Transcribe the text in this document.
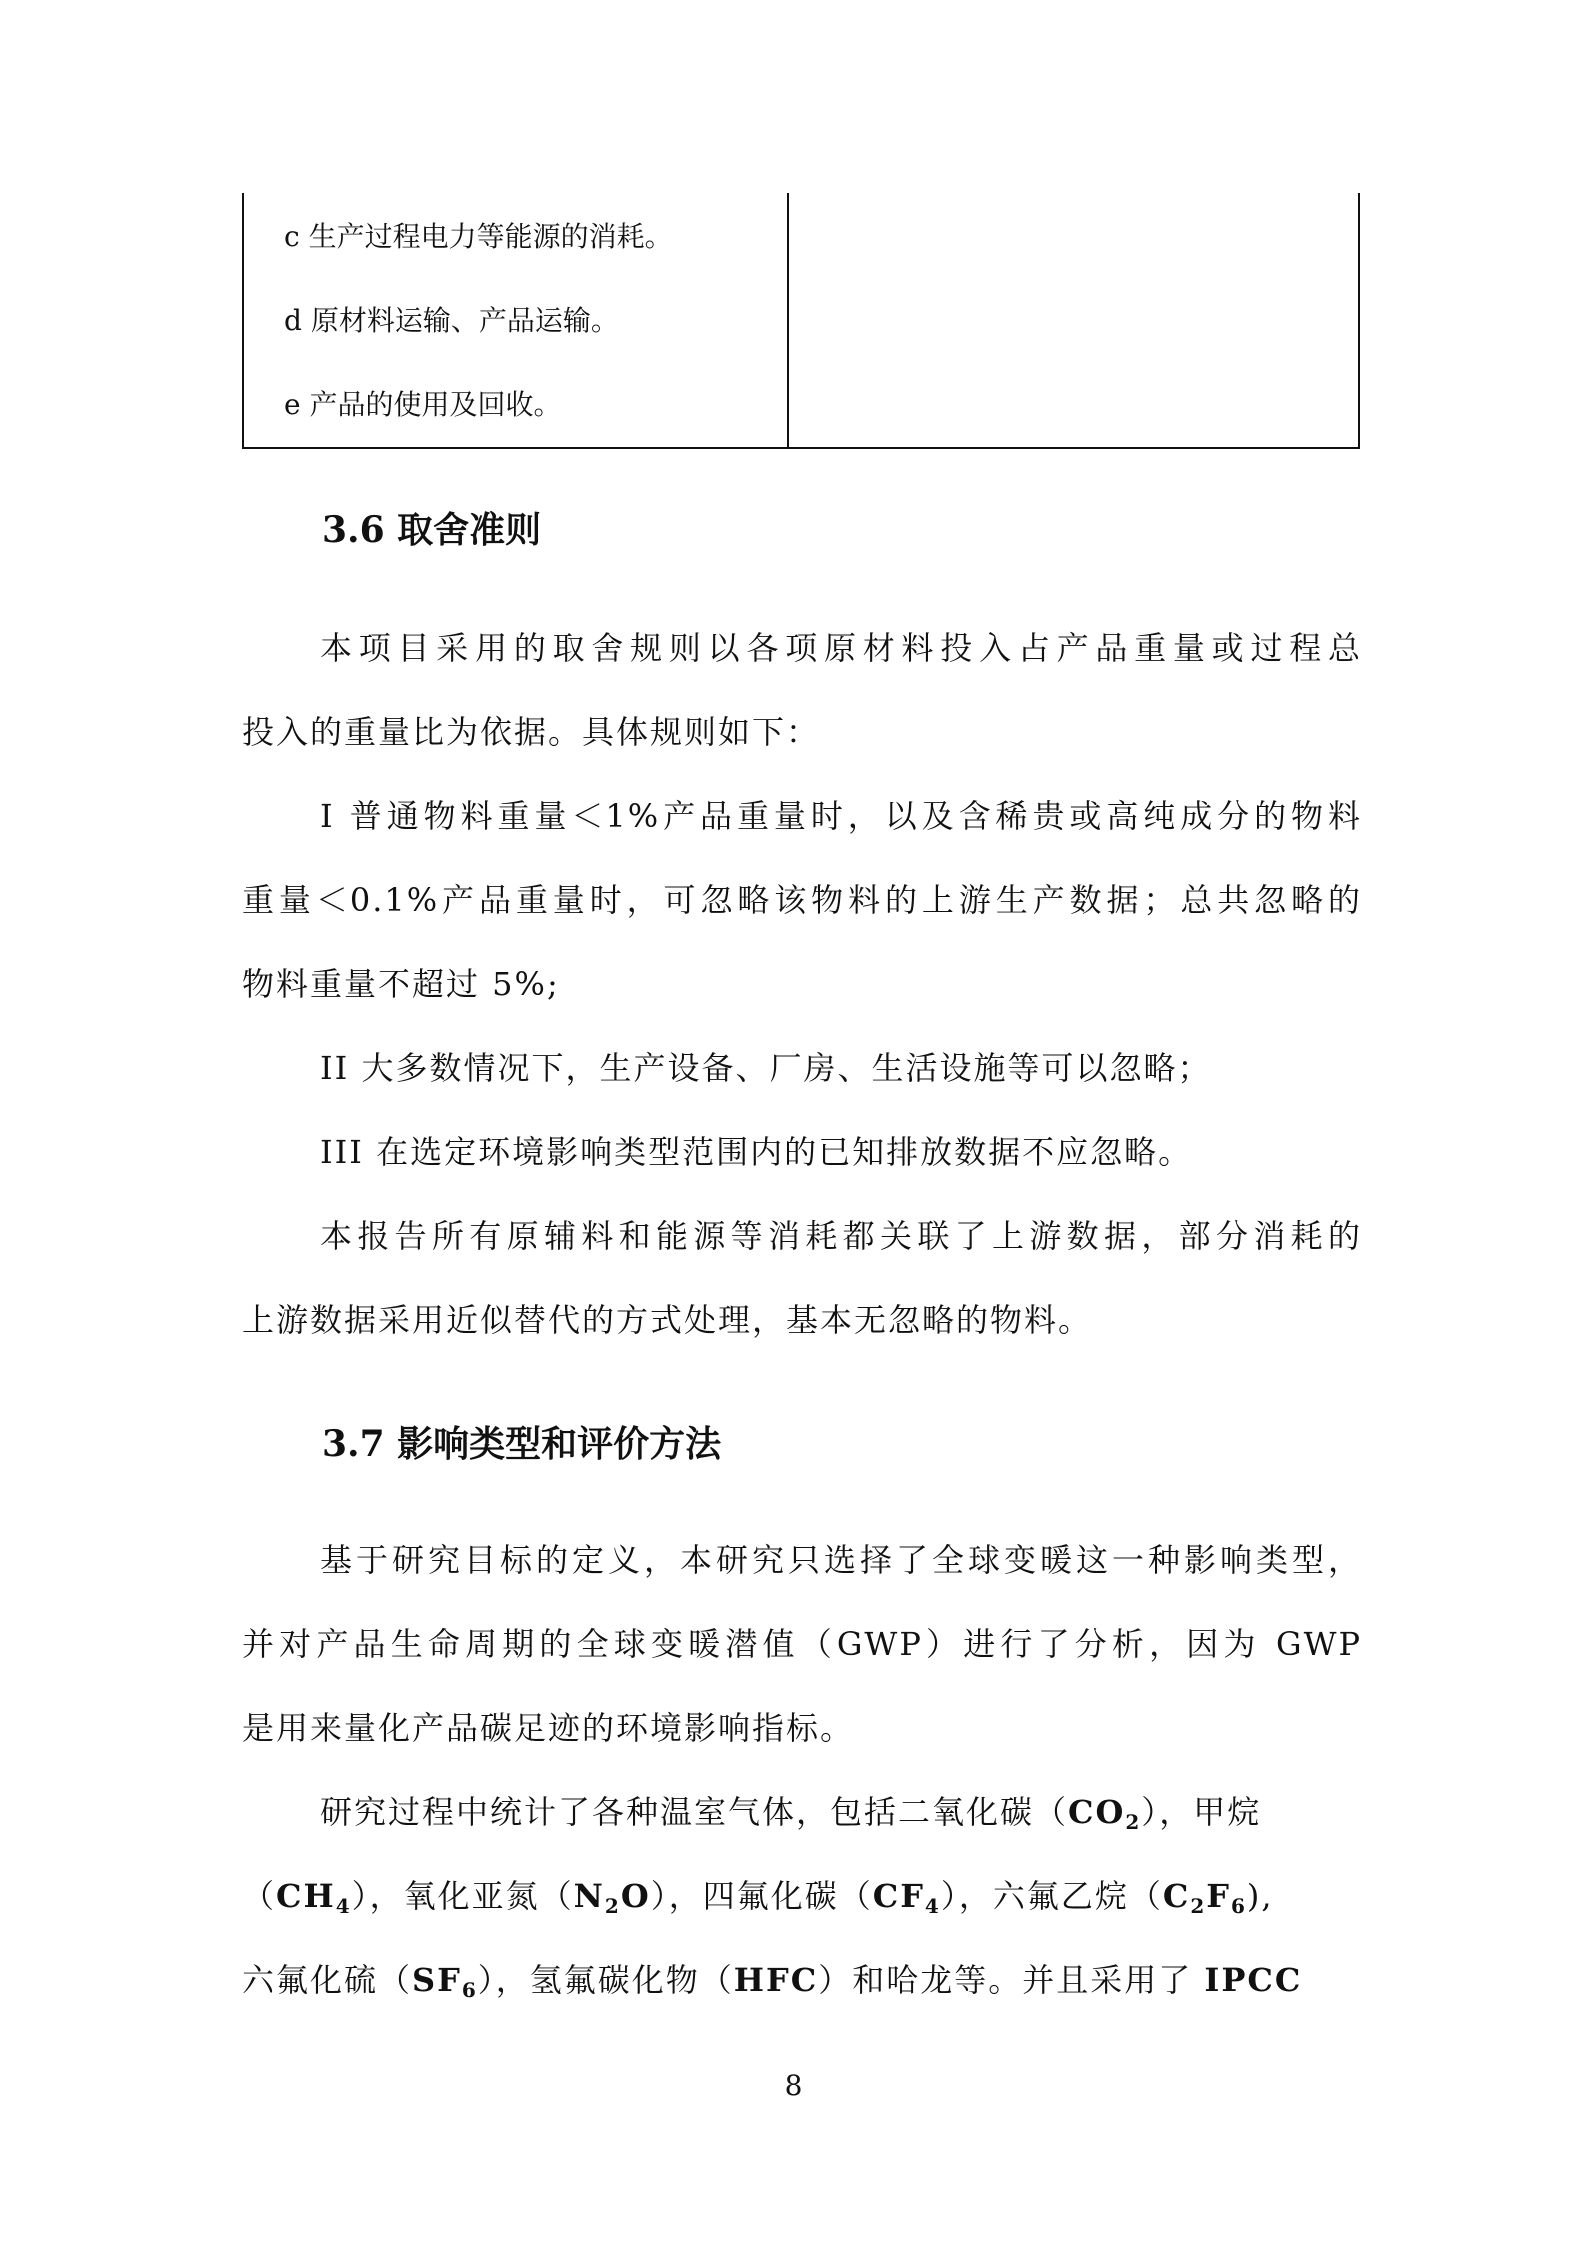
c 生产过程电力等能源的消耗。
d 原材料运输、产品运输。
e 产品的使用及回收。
3.6 取舍准则
本项目采用的取舍规则以各项原材料投入占产品重量或过程总
投入的重量比为依据。具体规则如下：
I 普通物料重量＜1%产品重量时，以及含稀贵或高纯成分的物料
重量＜0.1%产品重量时，可忽略该物料的上游生产数据；总共忽略的
物料重量不超过 5%;
II 大多数情况下，生产设备、厂房、生活设施等可以忽略；
III 在选定环境影响类型范围内的已知排放数据不应忽略。
本报告所有原辅料和能源等消耗都关联了上游数据，部分消耗的
上游数据采用近似替代的方式处理，基本无忽略的物料。
3.7 影响类型和评价方法
基于研究目标的定义，本研究只选择了全球变暖这一种影响类型，
并对产品生命周期的全球变暖潜值（GWP）进行了分析，因为 GWP
是用来量化产品碳足迹的环境影响指标。
研究过程中统计了各种温室气体，包括二氧化碳$(CO_2)$，甲烷
$(CH_4)$，氧化亚氮$(N_2O)$，四氟化碳$(CF_4)$，六氟乙烷$(C_2F_6)$,
六氟化硫$(SF_6)$，氢氟碳化物（HFC）和哈龙等。并且采用了 IPCC
8
